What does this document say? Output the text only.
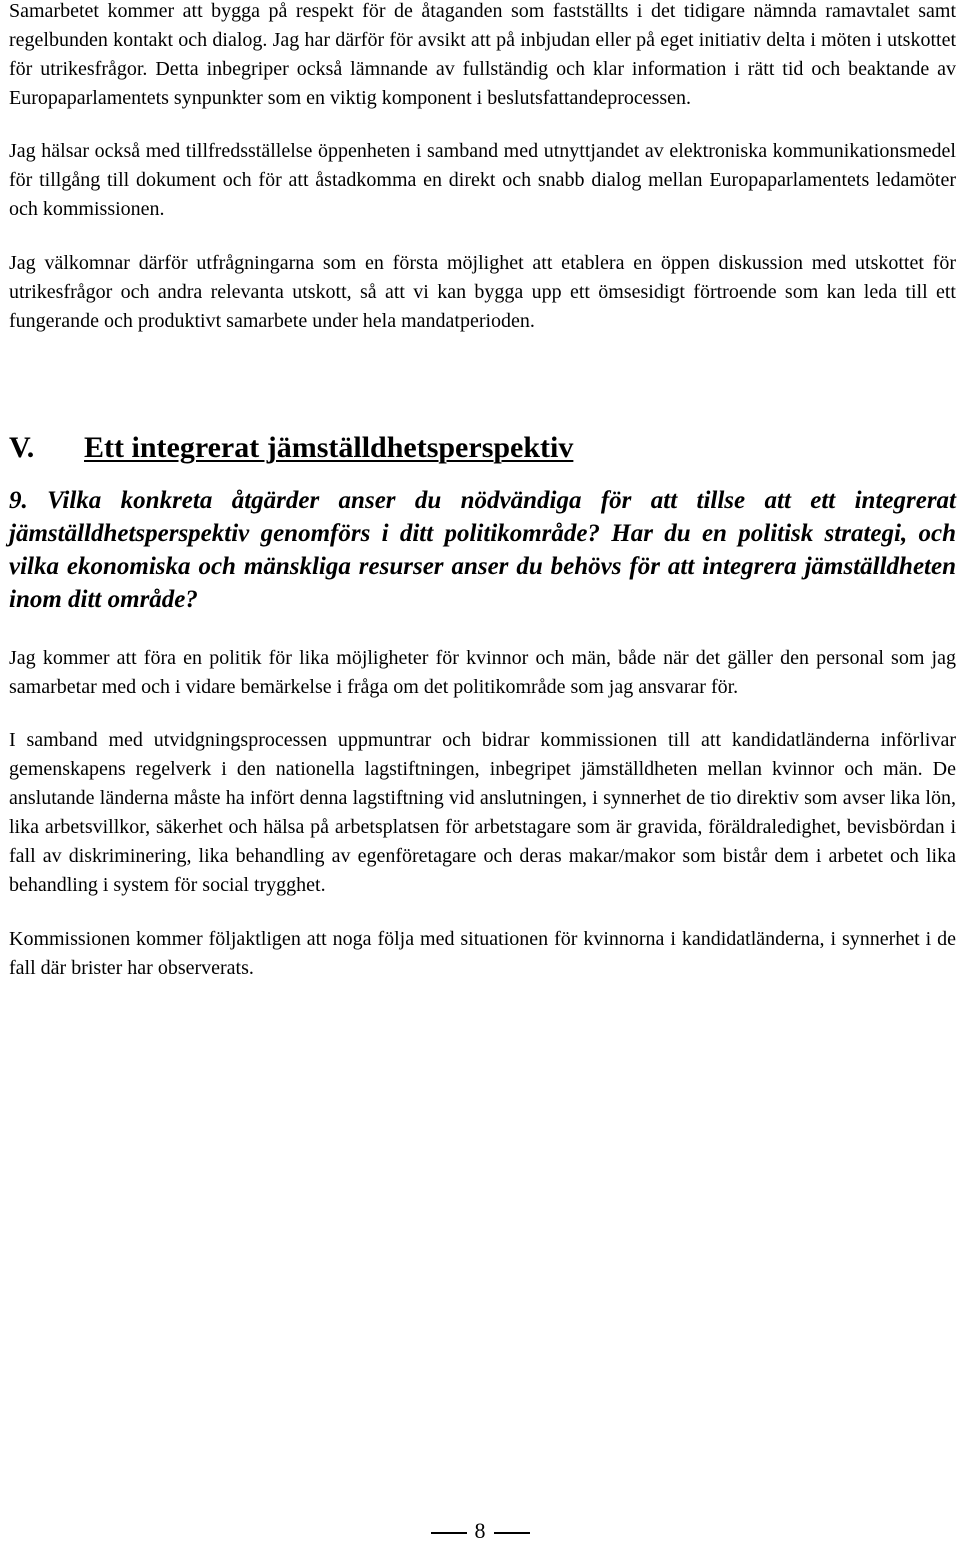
Samarbetet kommer att bygga på respekt för de åtaganden som fastställts i det tidigare nämnda ramavtalet samt regelbunden kontakt och dialog. Jag har därför för avsikt att på inbjudan eller på eget initiativ delta i möten i utskottet för utrikesfrågor. Detta inbegriper också lämnande av fullständig och klar information i rätt tid och beaktande av Europaparlamentets synpunkter som en viktig komponent i beslutsfattandeprocessen.

Jag hälsar också med tillfredsställelse öppenheten i samband med utnyttjandet av elektroniska kommunikationsmedel för tillgång till dokument och för att åstadkomma en direkt och snabb dialog mellan Europaparlamentets ledamöter och kommissionen.

Jag välkomnar därför utfrågningarna som en första möjlighet att etablera en öppen diskussion med utskottet för utrikesfrågor och andra relevanta utskott, så att vi kan bygga upp ett ömsesidigt förtroende som kan leda till ett fungerande och produktivt samarbete under hela mandatperioden.

V.	Ett integrerat jämställdhetsperspektiv

9. Vilka konkreta åtgärder anser du nödvändiga för att tillse att ett integrerat jämställdhetsperspektiv genomförs i ditt politikområde? Har du en politisk strategi, och vilka ekonomiska och mänskliga resurser anser du behövs för att integrera jämställdheten inom ditt område?

Jag kommer att föra en politik för lika möjligheter för kvinnor och män, både när det gäller den personal som jag samarbetar med och i vidare bemärkelse i fråga om det politikområde som jag ansvarar för.

I samband med utvidgningsprocessen uppmuntrar och bidrar kommissionen till att kandidatländerna införlivar gemenskapens regelverk i den nationella lagstiftningen, inbegripet jämställdheten mellan kvinnor och män. De anslutande länderna måste ha infört denna lagstiftning vid anslutningen, i synnerhet de tio direktiv som avser lika lön, lika arbetsvillkor, säkerhet och hälsa på arbetsplatsen för arbetstagare som är gravida, föräldraledighet, bevisbördan i fall av diskriminering, lika behandling av egenföretagare och deras makar/makor som bistår dem i arbetet och lika behandling i system för social trygghet.

Kommissionen kommer följaktligen att noga följa med situationen för kvinnorna i kandidatländerna, i synnerhet i de fall där brister har observerats.

8
